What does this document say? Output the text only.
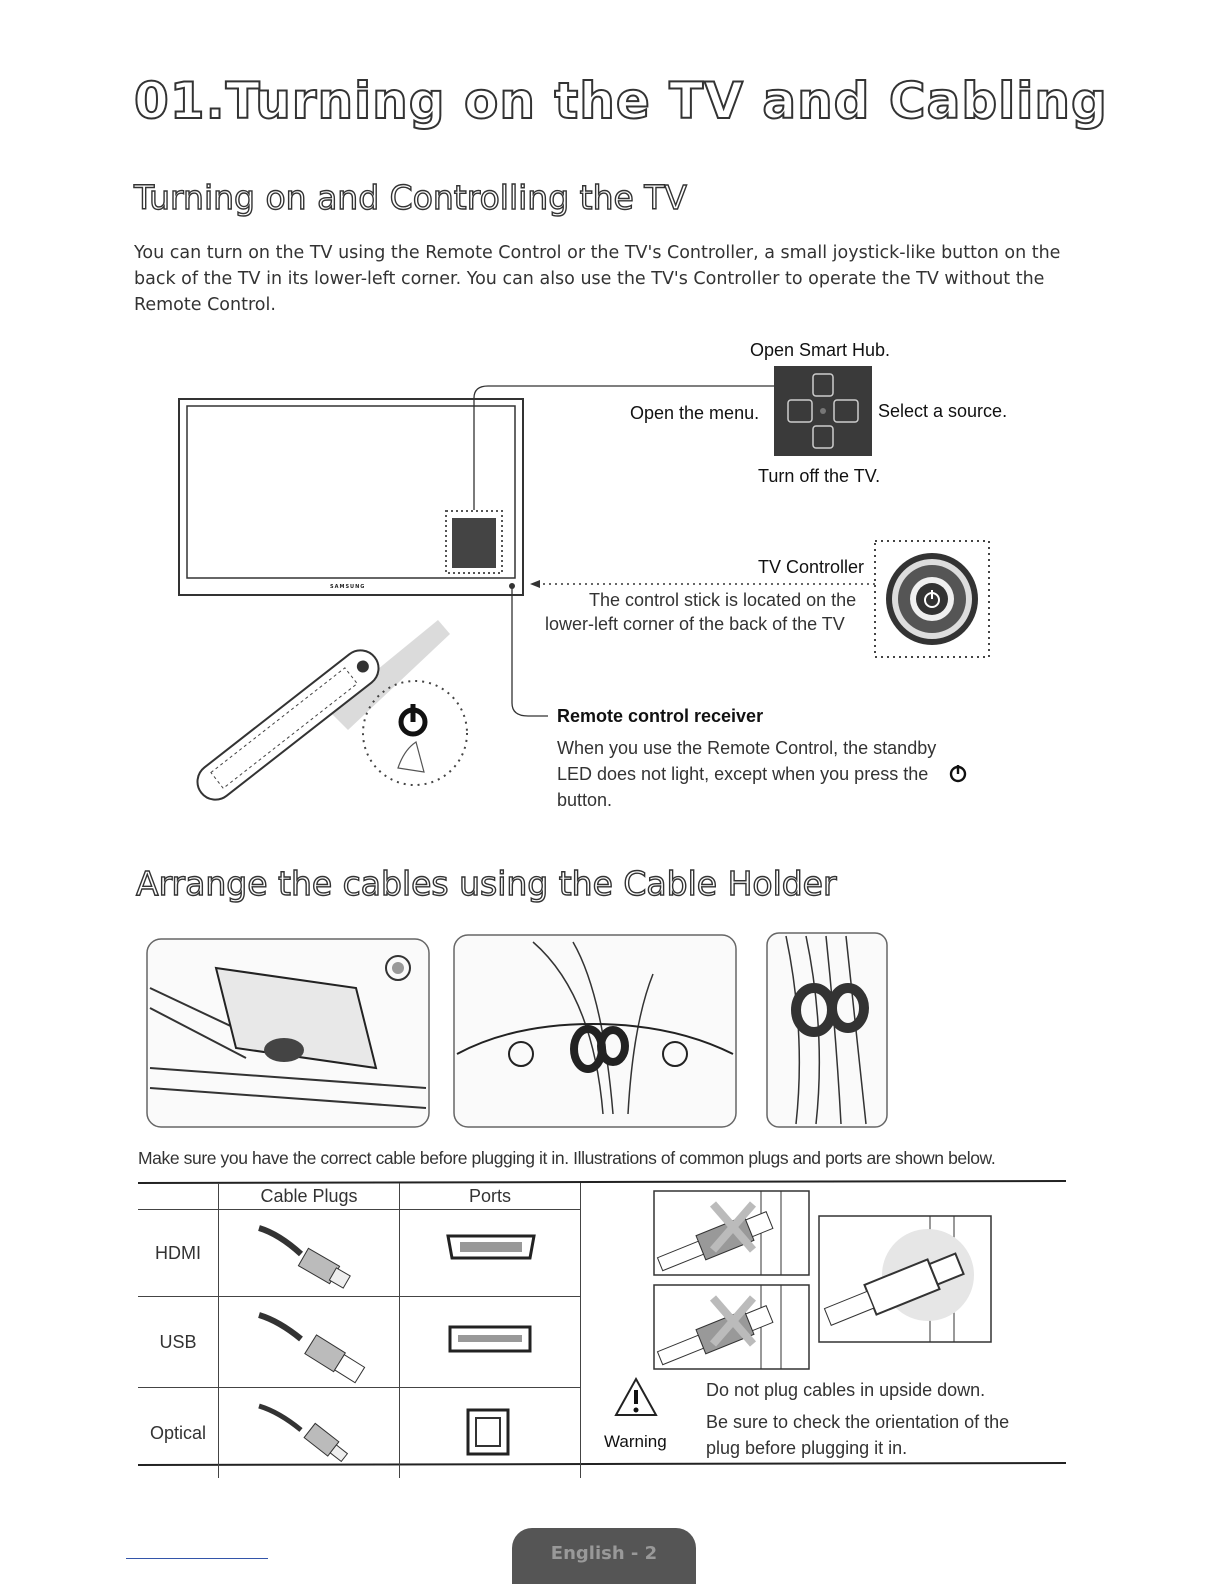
01.Turning on the TV and Cabling
Turning on and Controlling the TV
You can turn on the TV using the Remote Control or the TV's Controller, a small joystick-like button on the back of the TV in its lower-left corner. You can also use the TV's Controller to operate the TV without the Remote Control.
SAMSUNG
Open Smart Hub.
Open the menu.	Select a source.
Turn off the TV.
TV Controller
The control stick is located on the
lower-left corner of the back of the TV
Remote control receiver
When you use the Remote Control, the standby
LED does not light, except when you press the
button.
Arrange the cables using the Cable Holder
Make sure you have the correct cable before plugging it in. Illustrations of common plugs and ports are shown below.
	Cable Plugs	Ports
HDMI		
USB		
Optical			Warning
Do not plug cables in upside down.
Be sure to check the orientation of the
plug before plugging it in.
English - 2
